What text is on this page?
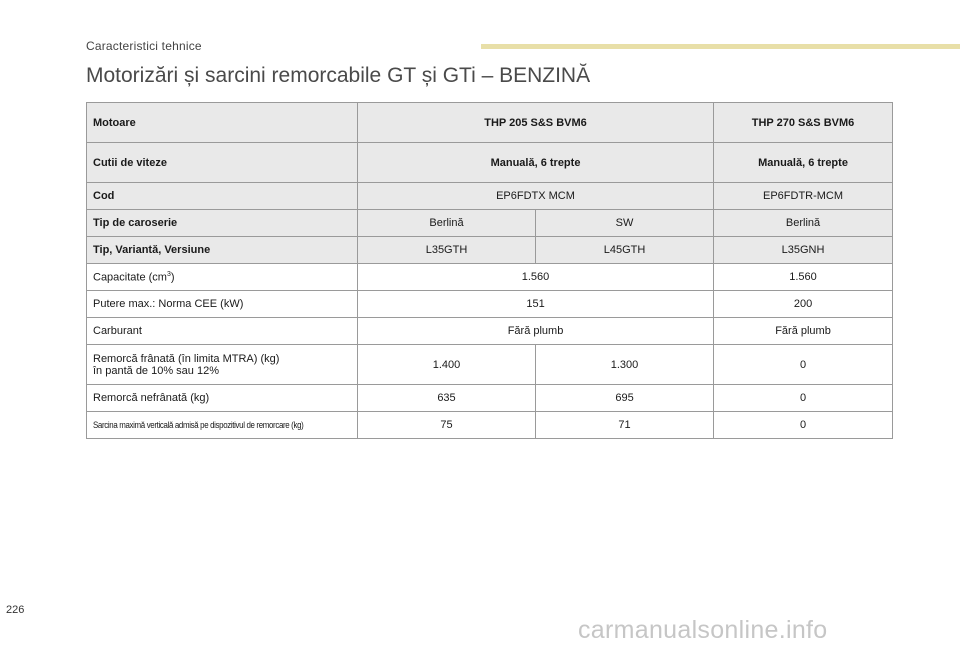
Caracteristici tehnice
Motorizări și sarcini remorcabile GT și GTi – BENZINĂ
Motoare	THP 205 S&S BVM6		THP 270 S&S BVM6
Cutii de viteze	Manuală, 6 trepte		Manuală, 6 trepte
Cod	EP6FDTX MCM		EP6FDTR-MCM
Tip de caroserie	Berlină	SW	Berlină
Tip, Variantă, Versiune	L35GTH	L45GTH	L35GNH
Capacitate $(cm^3)$	1.560		1.560
Putere max.: Norma CEE (kW)	151		200
Carburant	Fără plumb		Fără plumb
Remorcă frânată (în limita MTRA) (kg)
în pantă de 10% sau 12%	1.400	1.300	0
Remorcă nefrânată (kg)	635	695	0
Sarcina maximă verticală admisă pe dispozitivul de remorcare (kg)	75	71	0
226
carmanualsonline.info
